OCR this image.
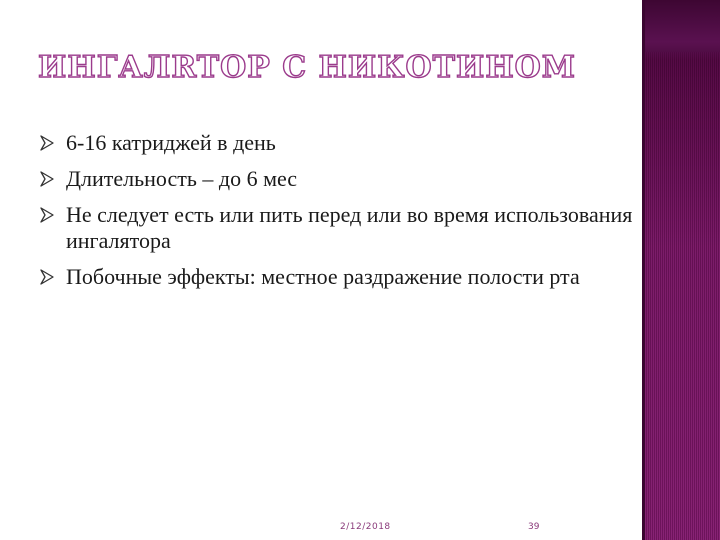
ИНГАЛRTOP С НИКОТИНОМ
6-16 катриджей в день
Длительность – до 6 мес
Не следует есть или пить перед или во время использования ингалятора
Побочные эффекты: местное раздражение полости рта
2/12/2018	39
